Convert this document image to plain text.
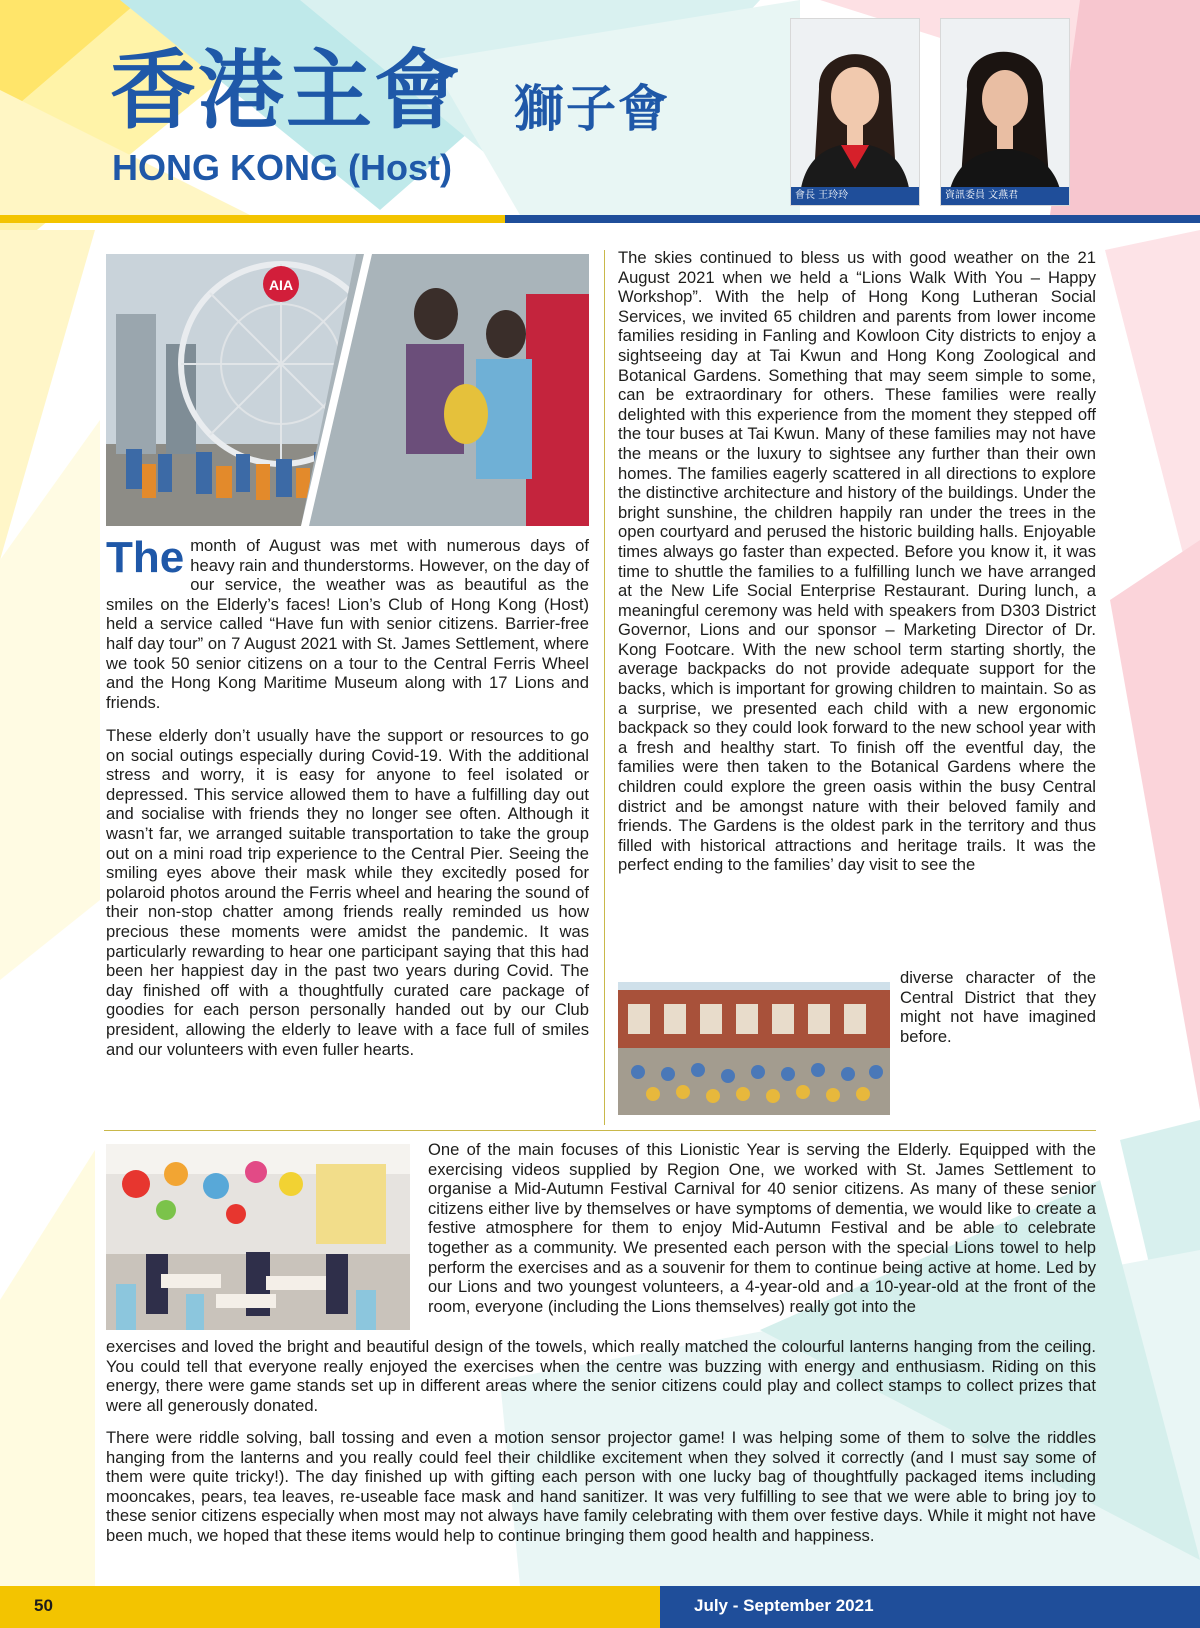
香港主會 獅子會
HONG KONG (Host)
會長 王玲玲	資訊委員 文燕君
AIA
The month of August was met with numerous days of heavy rain and thunderstorms. However, on the day of our service, the weather was as beautiful as the smiles on the Elderly’s faces! Lion’s Club of Hong Kong (Host) held a service called “Have fun with senior citizens. Barrier-free half day tour” on 7 August 2021 with St. James Settlement, where we took 50 senior citizens on a tour to the Central Ferris Wheel and the Hong Kong Maritime Museum along with 17 Lions and friends.

These elderly don’t usually have the support or resources to go on social outings especially during Covid-19. With the additional stress and worry, it is easy for anyone to feel isolated or depressed. This service allowed them to have a fulfilling day out and socialise with friends they no longer see often. Although it wasn’t far, we arranged suitable transportation to take the group out on a mini road trip experience to the Central Pier. Seeing the smiling eyes above their mask while they excitedly posed for polaroid photos around the Ferris wheel and hearing the sound of their non-stop chatter among friends really reminded us how precious these moments were amidst the pandemic. It was particularly rewarding to hear one participant saying that this had been her happiest day in the past two years during Covid. The day finished off with a thoughtfully curated care package of goodies for each person personally handed out by our Club president, allowing the elderly to leave with a face full of smiles and our volunteers with even fuller hearts.

The skies continued to bless us with good weather on the 21 August 2021 when we held a “Lions Walk With You – Happy Workshop”. With the help of Hong Kong Lutheran Social Services, we invited 65 children and parents from lower income families residing in Fanling and Kowloon City districts to enjoy a sightseeing day at Tai Kwun and Hong Kong Zoological and Botanical Gardens. Something that may seem simple to some, can be extraordinary for others. These families were really delighted with this experience from the moment they stepped off the tour buses at Tai Kwun. Many of these families may not have the means or the luxury to sightsee any further than their own homes. The families eagerly scattered in all directions to explore the distinctive architecture and history of the buildings. Under the bright sunshine, the children happily ran under the trees in the open courtyard and perused the historic building halls. Enjoyable times always go faster than expected. Before you know it, it was time to shuttle the families to a fulfilling lunch we have arranged at the New Life Social Enterprise Restaurant. During lunch, a meaningful ceremony was held with speakers from D303 District Governor, Lions and our sponsor – Marketing Director of Dr. Kong Footcare. With the new school term starting shortly, the average backpacks do not provide adequate support for the backs, which is important for growing children to maintain. So as a surprise, we presented each child with a new ergonomic backpack so they could look forward to the new school year with a fresh and healthy start. To finish off the eventful day, the families were then taken to the Botanical Gardens where the children could explore the green oasis within the busy Central district and be amongst nature with their beloved family and friends. The Gardens is the oldest park in the territory and thus filled with historical attractions and heritage trails. It was the perfect ending to the families’ day visit to see the

diverse character of the Central District that they might not have imagined before.

One of the main focuses of this Lionistic Year is serving the Elderly. Equipped with the exercising videos supplied by Region One, we worked with St. James Settlement to organise a Mid-Autumn Festival Carnival for 40 senior citizens. As many of these senior citizens either live by themselves or have symptoms of dementia, we would like to create a festive atmosphere for them to enjoy Mid-Autumn Festival and be able to celebrate together as a community. We presented each person with the special Lions towel to help perform the exercises and as a souvenir for them to continue being active at home. Led by our Lions and two youngest volunteers, a 4-year-old and a 10-year-old at the front of the room, everyone (including the Lions themselves) really got into the

exercises and loved the bright and beautiful design of the towels, which really matched the colourful lanterns hanging from the ceiling. You could tell that everyone really enjoyed the exercises when the centre was buzzing with energy and enthusiasm. Riding on this energy, there were game stands set up in different areas where the senior citizens could play and collect stamps to collect prizes that were all generously donated.

There were riddle solving, ball tossing and even a motion sensor projector game! I was helping some of them to solve the riddles hanging from the lanterns and you really could feel their childlike excitement when they solved it correctly (and I must say some of them were quite tricky!). The day finished up with gifting each person with one lucky bag of thoughtfully packaged items including mooncakes, pears, tea leaves, re-useable face mask and hand sanitizer. It was very fulfilling to see that we were able to bring joy to these senior citizens especially when most may not always have family celebrating with them over festive days. While it might not have been much, we hoped that these items would help to continue bringing them good health and happiness.

50	July - September 2021
